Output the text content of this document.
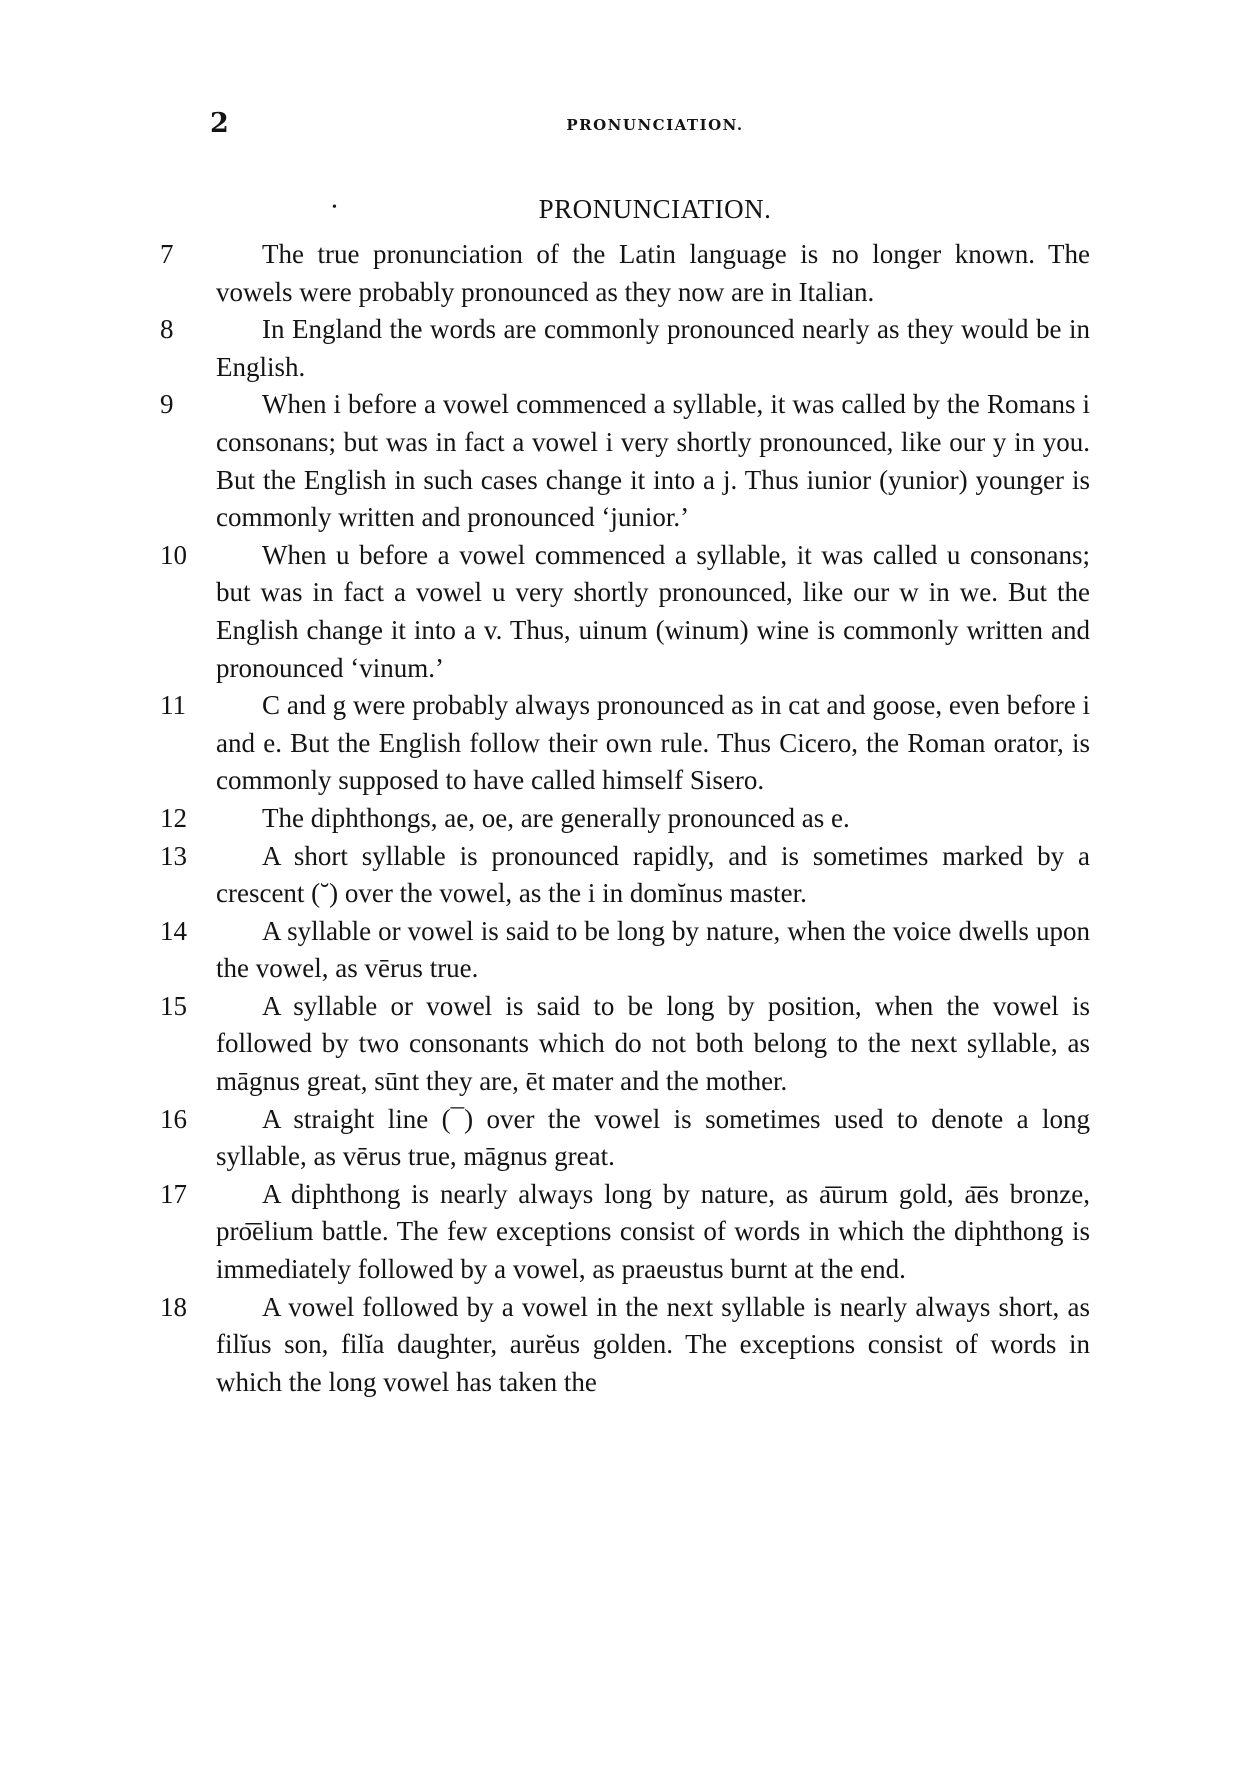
2	PRONUNCIATION.
•	PRONUNCIATION.

7	The true pronunciation of the Latin language is no longer known. The vowels were probably pronounced as they now are in Italian.

8	In England the words are commonly pronounced nearly as they would be in English.

9	When i before a vowel commenced a syllable, it was called by the Romans i consonans; but was in fact a vowel i very shortly pronounced, like our y in you. But the English in such cases change it into a j. Thus iunior (yunior) younger is commonly written and pronounced ‘junior.’

10	When u before a vowel commenced a syllable, it was called u consonans; but was in fact a vowel u very shortly pronounced, like our w in we. But the English change it into a v. Thus, uinum (winum) wine is commonly written and pronounced ‘vinum.’

11	C and g were probably always pronounced as in cat and goose, even before i and e. But the English follow their own rule. Thus Cicero, the Roman orator, is commonly supposed to have called himself Sisero.

12	The diphthongs, ae, oe, are generally pronounced as e.

13	A short syllable is pronounced rapidly, and is sometimes marked by a crescent (˘) over the vowel, as the i in domĭnus master.

14	A syllable or vowel is said to be long by nature, when the voice dwells upon the vowel, as vērus true.

15	A syllable or vowel is said to be long by position, when the vowel is followed by two consonants which do not both belong to the next syllable, as māgnus great, sūnt they are, ēt mater and the mother.

16	A straight line (¯) over the vowel is sometimes used to denote a long syllable, as vērus true, māgnus great.

17	A diphthong is nearly always long by nature, as a͞urum gold, a͞es bronze, pro͞elium battle. The few exceptions consist of words in which the diphthong is immediately followed by a vowel, as praeustus burnt at the end.

18	A vowel followed by a vowel in the next syllable is nearly always short, as filĭus son, filĭa daughter, aurĕus golden. The exceptions consist of words in which the long vowel has taken the
